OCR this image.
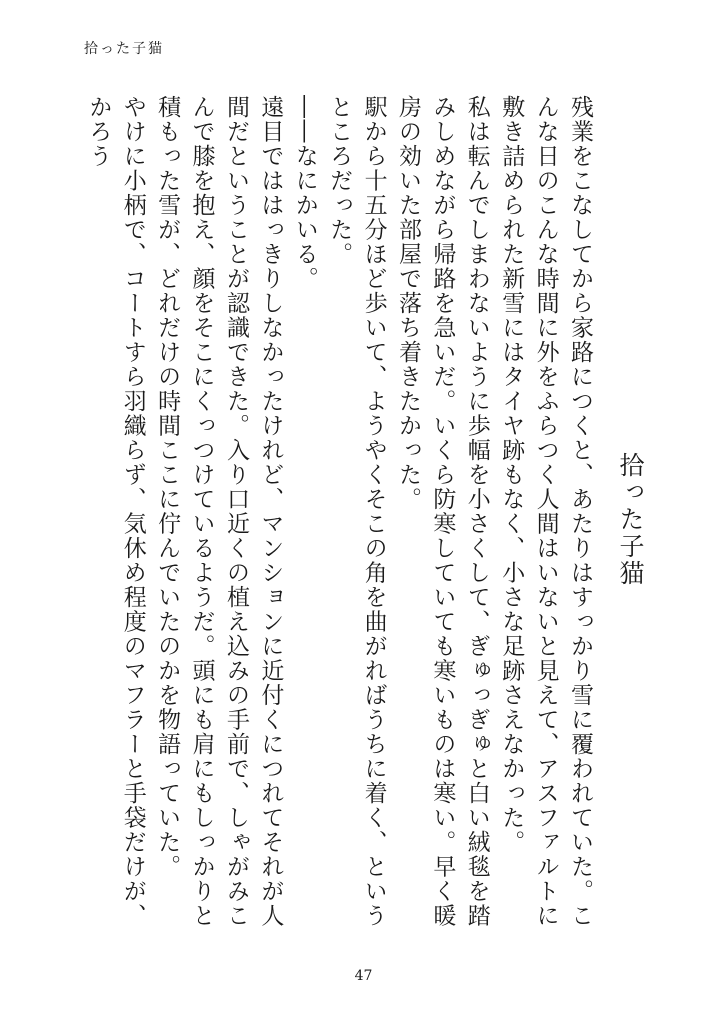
拾った子猫
拾った子猫

残業をこなしてから家路につくと、あたりはすっかり雪に覆われていた。こんな日のこんな時間に外をふらつく人間はいないと見えて、アスファルトに敷き詰められた新雪にはタイヤ跡もなく、小さな足跡さえなかった。

私は転んでしまわないように歩幅を小さくして、ぎゅっぎゅと白い絨毯を踏みしめながら帰路を急いだ。いくら防寒していても寒いものは寒い。早く暖房の効いた部屋で落ち着きたかった。

駅から十五分ほど歩いて、ようやくそこの角を曲がればうちに着く、というところだった。

――なにかいる。

遠目でははっきりしなかったけれど、マンションに近付くにつれてそれが人間だということが認識できた。入り口近くの植え込みの手前で、しゃがみこんで膝を抱え、顔をそこにくっつけているようだ。頭にも肩にもしっかりと積もった雪が、どれだけの時間ここに佇んでいたのかを物語っていた。

やけに小柄で、コートすら羽織らず、気休め程度のマフラーと手袋だけが、かろう

47
